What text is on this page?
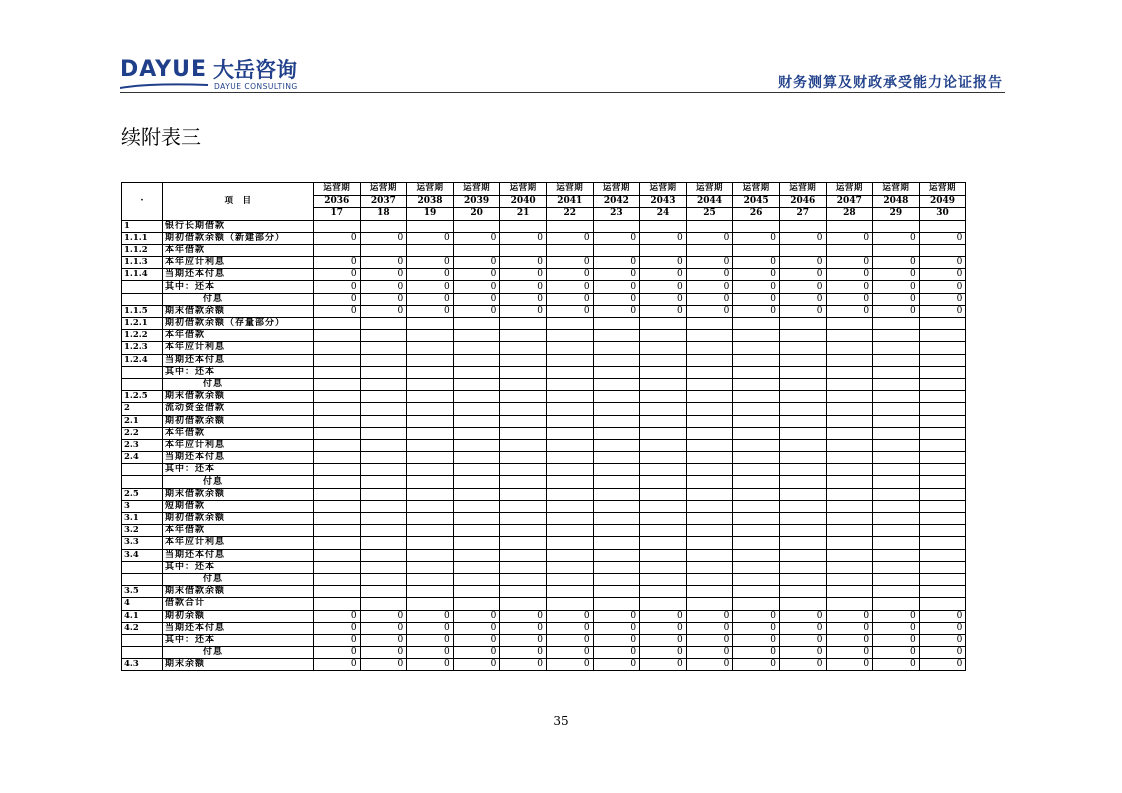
DAYUE 大岳咨询
DAYUE CONSULTING	财务测算及财政承受能力论证报告
续附表三
·	项　目	运营期	运营期	运营期	运营期	运营期	运营期	运营期	运营期	运营期	运营期	运营期	运营期	运营期	运营期
		2036	2037	2038	2039	2040	2041	2042	2043	2044	2045	2046	2047	2048	2049
		17	18	19	20	21	22	23	24	25	26	27	28	29	30
1	银行长期借款														
1.1.1	期初借款余额（新建部分）	0	0	0	0	0	0	0	0	0	0	0	0	0	0
1.1.2	本年借款														
1.1.3	本年应计利息	0	0	0	0	0	0	0	0	0	0	0	0	0	0
1.1.4	当期还本付息	0	0	0	0	0	0	0	0	0	0	0	0	0	0
	其中：还本	0	0	0	0	0	0	0	0	0	0	0	0	0	0
	付息	0	0	0	0	0	0	0	0	0	0	0	0	0	0
1.1.5	期末借款余额	0	0	0	0	0	0	0	0	0	0	0	0	0	0
1.2.1	期初借款余额（存量部分）														
1.2.2	本年借款														
1.2.3	本年应计利息														
1.2.4	当期还本付息														
	其中：还本														
	付息														
1.2.5	期末借款余额														
2	流动资金借款														
2.1	期初借款余额														
2.2	本年借款														
2.3	本年应计利息														
2.4	当期还本付息														
	其中：还本														
	付息														
2.5	期末借款余额														
3	短期借款														
3.1	期初借款余额														
3.2	本年借款														
3.3	本年应计利息														
3.4	当期还本付息														
	其中：还本														
	付息														
3.5	期末借款余额														
4	借款合计														
4.1	期初余额	0	0	0	0	0	0	0	0	0	0	0	0	0	0
4.2	当期还本付息	0	0	0	0	0	0	0	0	0	0	0	0	0	0
	其中：还本	0	0	0	0	0	0	0	0	0	0	0	0	0	0
	付息	0	0	0	0	0	0	0	0	0	0	0	0	0	0
4.3	期末余额	0	0	0	0	0	0	0	0	0	0	0	0	0	0
35
